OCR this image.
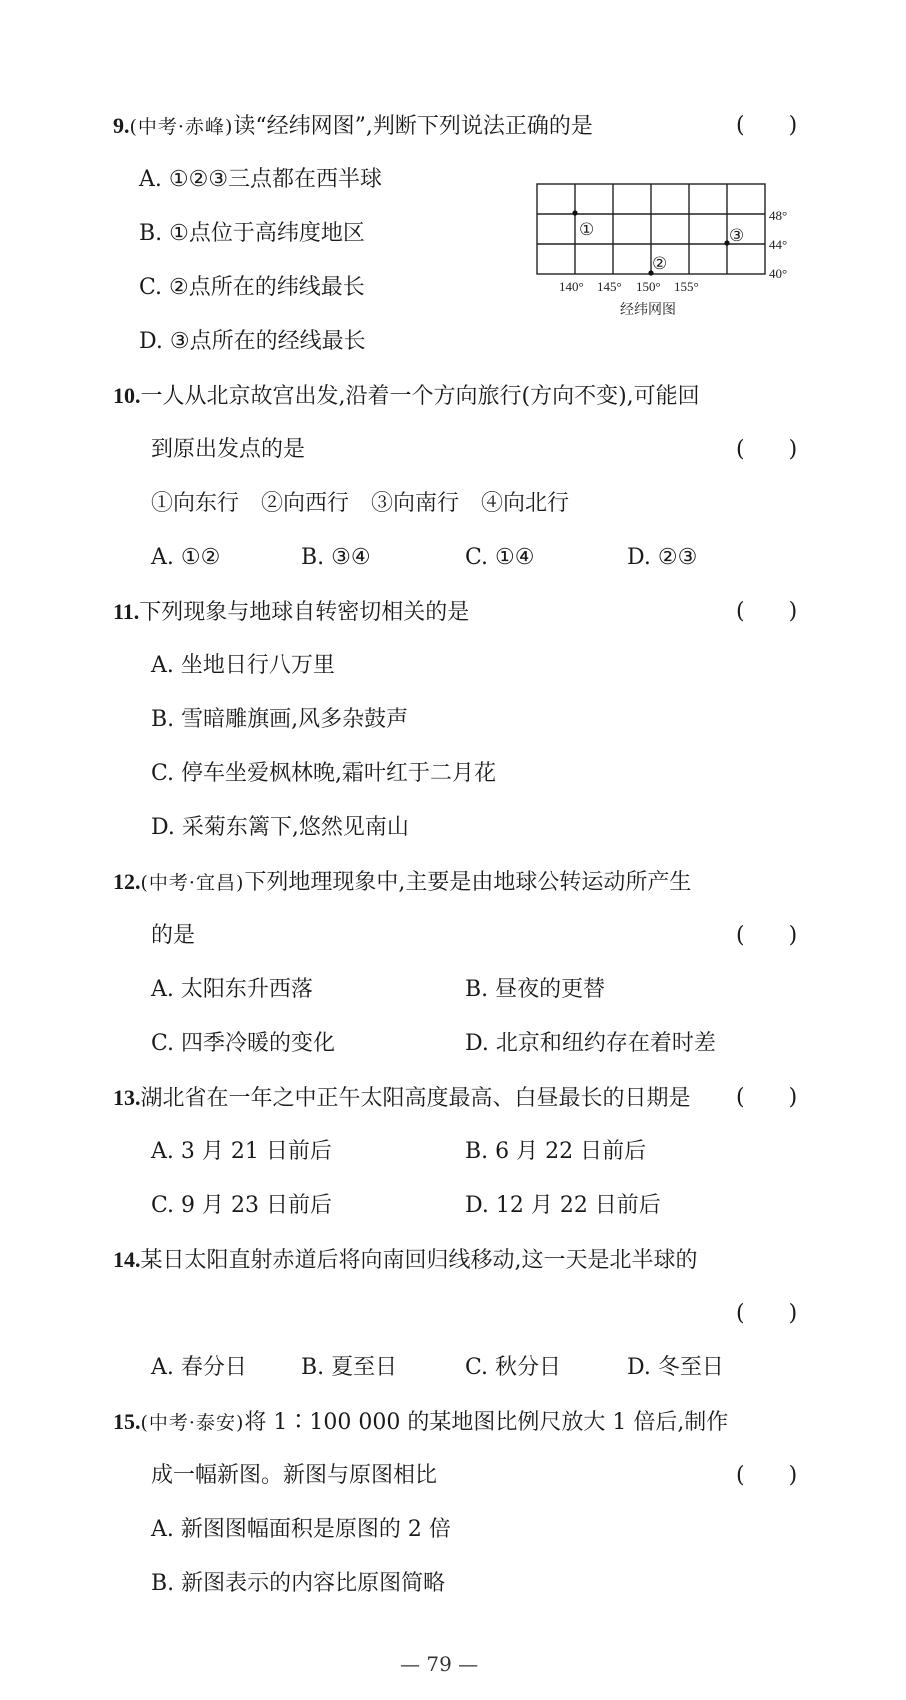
9.(中考·赤峰)读“经纬网图”,判断下列说法正确的是	(　　)
A. ①②③三点都在西半球
B. ①点位于高纬度地区
C. ②点所在的纬线最长
D. ③点所在的经线最长
①
②
③
48°
44°
40°
140° 145° 150° 155°
经纬网图
10.一人从北京故宫出发,沿着一个方向旅行(方向不变),可能回
到原出发点的是	(　　)
①向东行　②向西行　③向南行　④向北行
A. ①②	B. ③④	C. ①④	D. ②③
11.下列现象与地球自转密切相关的是	(　　)
A. 坐地日行八万里
B. 雪暗雕旗画,风多杂鼓声
C. 停车坐爱枫林晚,霜叶红于二月花
D. 采菊东篱下,悠然见南山
12.(中考·宜昌)下列地理现象中,主要是由地球公转运动所产生
的是	(　　)
A. 太阳东升西落	B. 昼夜的更替
C. 四季冷暖的变化	D. 北京和纽约存在着时差
13.湖北省在一年之中正午太阳高度最高、白昼最长的日期是 (　　)
A. 3 月 21 日前后	B. 6 月 22 日前后
C. 9 月 23 日前后	D. 12 月 22 日前后
14.某日太阳直射赤道后将向南回归线移动,这一天是北半球的
(　　)
A. 春分日 B. 夏至日	C. 秋分日	D. 冬至日
15.(中考·泰安)将 1∶100 000 的某地图比例尺放大 1 倍后,制作
成一幅新图。新图与原图相比	(　　)
A. 新图图幅面积是原图的 2 倍
B. 新图表示的内容比原图简略
— 79 —
